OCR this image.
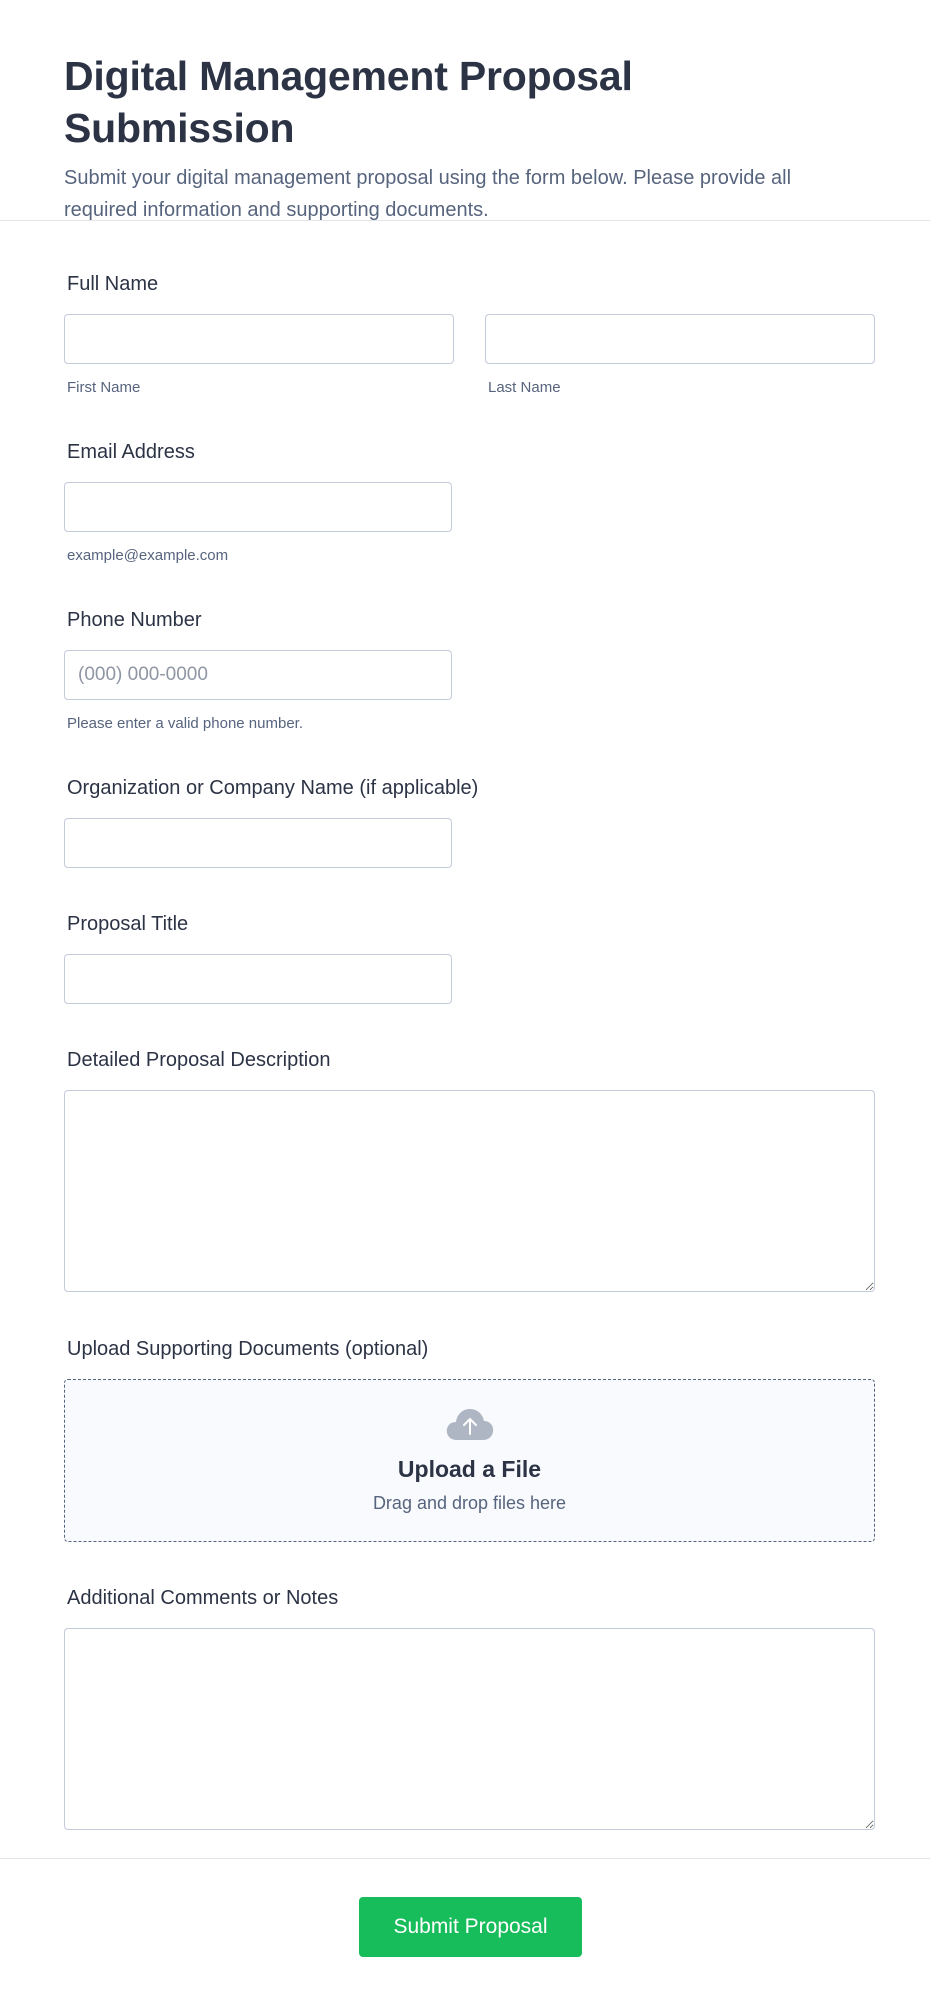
Digital Management Proposal Submission

Submit your digital management proposal using the form below. Please provide all required information and supporting documents.

Full Name
First Name	Last Name
Email Address
example@example.com
Phone Number
(000) 000-0000
Please enter a valid phone number.
Organization or Company Name (if applicable)
Proposal Title
Detailed Proposal Description
Upload Supporting Documents (optional)
Upload a File
Drag and drop files here
Additional Comments or Notes
Submit Proposal
